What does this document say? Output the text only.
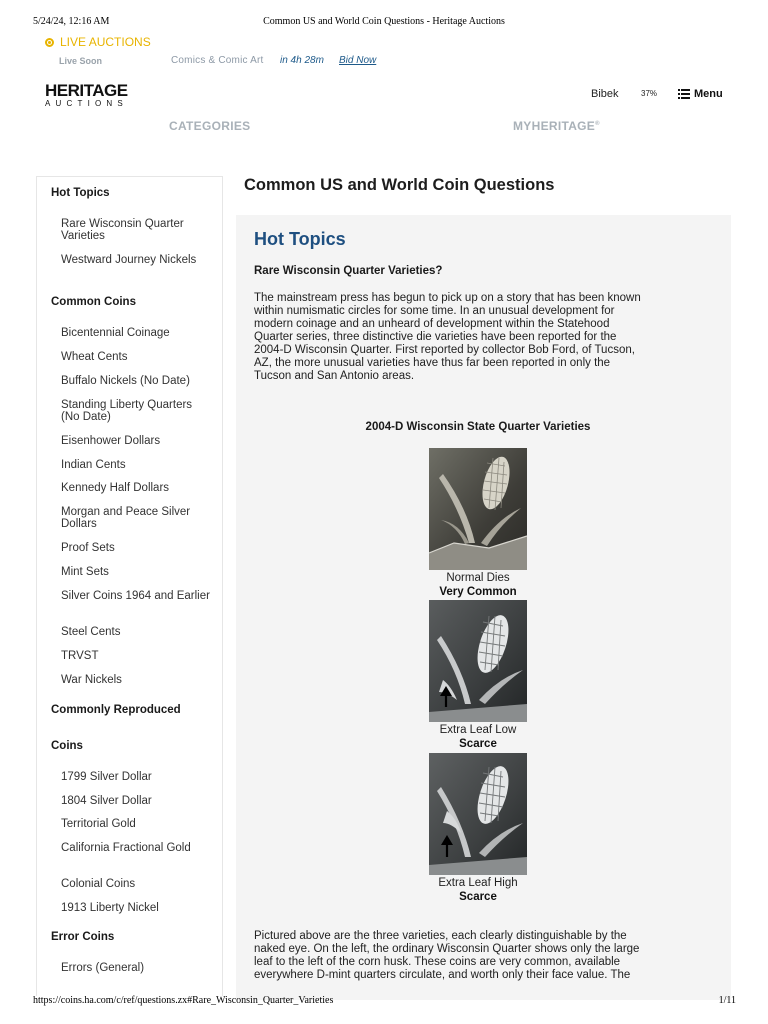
5/24/24, 12:16 AM	Common US and World Coin Questions - Heritage Auctions
LIVE AUCTIONS
Live Soon	Comics & Comic Art in 4h 28m Bid Now
HERITAGE
AUCTIONS
Bibek	37%	Menu
CATEGORIES	MYHERITAGE®
Hot Topics
Rare Wisconsin Quarter Varieties
Westward Journey Nickels
Common Coins
Bicentennial Coinage
Wheat Cents
Buffalo Nickels (No Date)
Standing Liberty Quarters (No Date)
Eisenhower Dollars
Indian Cents
Kennedy Half Dollars
Morgan and Peace Silver Dollars
Proof Sets
Mint Sets
Silver Coins 1964 and Earlier
Steel Cents
TRVST
War Nickels
Commonly Reproduced
Coins
1799 Silver Dollar
1804 Silver Dollar
Territorial Gold
California Fractional Gold
Colonial Coins
1913 Liberty Nickel
Error Coins
Errors (General)
Common US and World Coin Questions
Hot Topics
Rare Wisconsin Quarter Varieties?
The mainstream press has begun to pick up on a story that has been known
within numismatic circles for some time. In an unusual development for
modern coinage and an unheard of development within the Statehood
Quarter series, three distinctive die varieties have been reported for the
2004-D Wisconsin Quarter. First reported by collector Bob Ford, of Tucson,
AZ, the more unusual varieties have thus far been reported in only the
Tucson and San Antonio areas.
2004-D Wisconsin State Quarter Varieties
Normal Dies
Very Common
Extra Leaf Low
Scarce
Extra Leaf High
Scarce
Pictured above are the three varieties, each clearly distinguishable by the
naked eye. On the left, the ordinary Wisconsin Quarter shows only the large
leaf to the left of the corn husk. These coins are very common, available
everywhere D-mint quarters circulate, and worth only their face value. The
https://coins.ha.com/c/ref/questions.zx#Rare_Wisconsin_Quarter_Varieties	1/11
